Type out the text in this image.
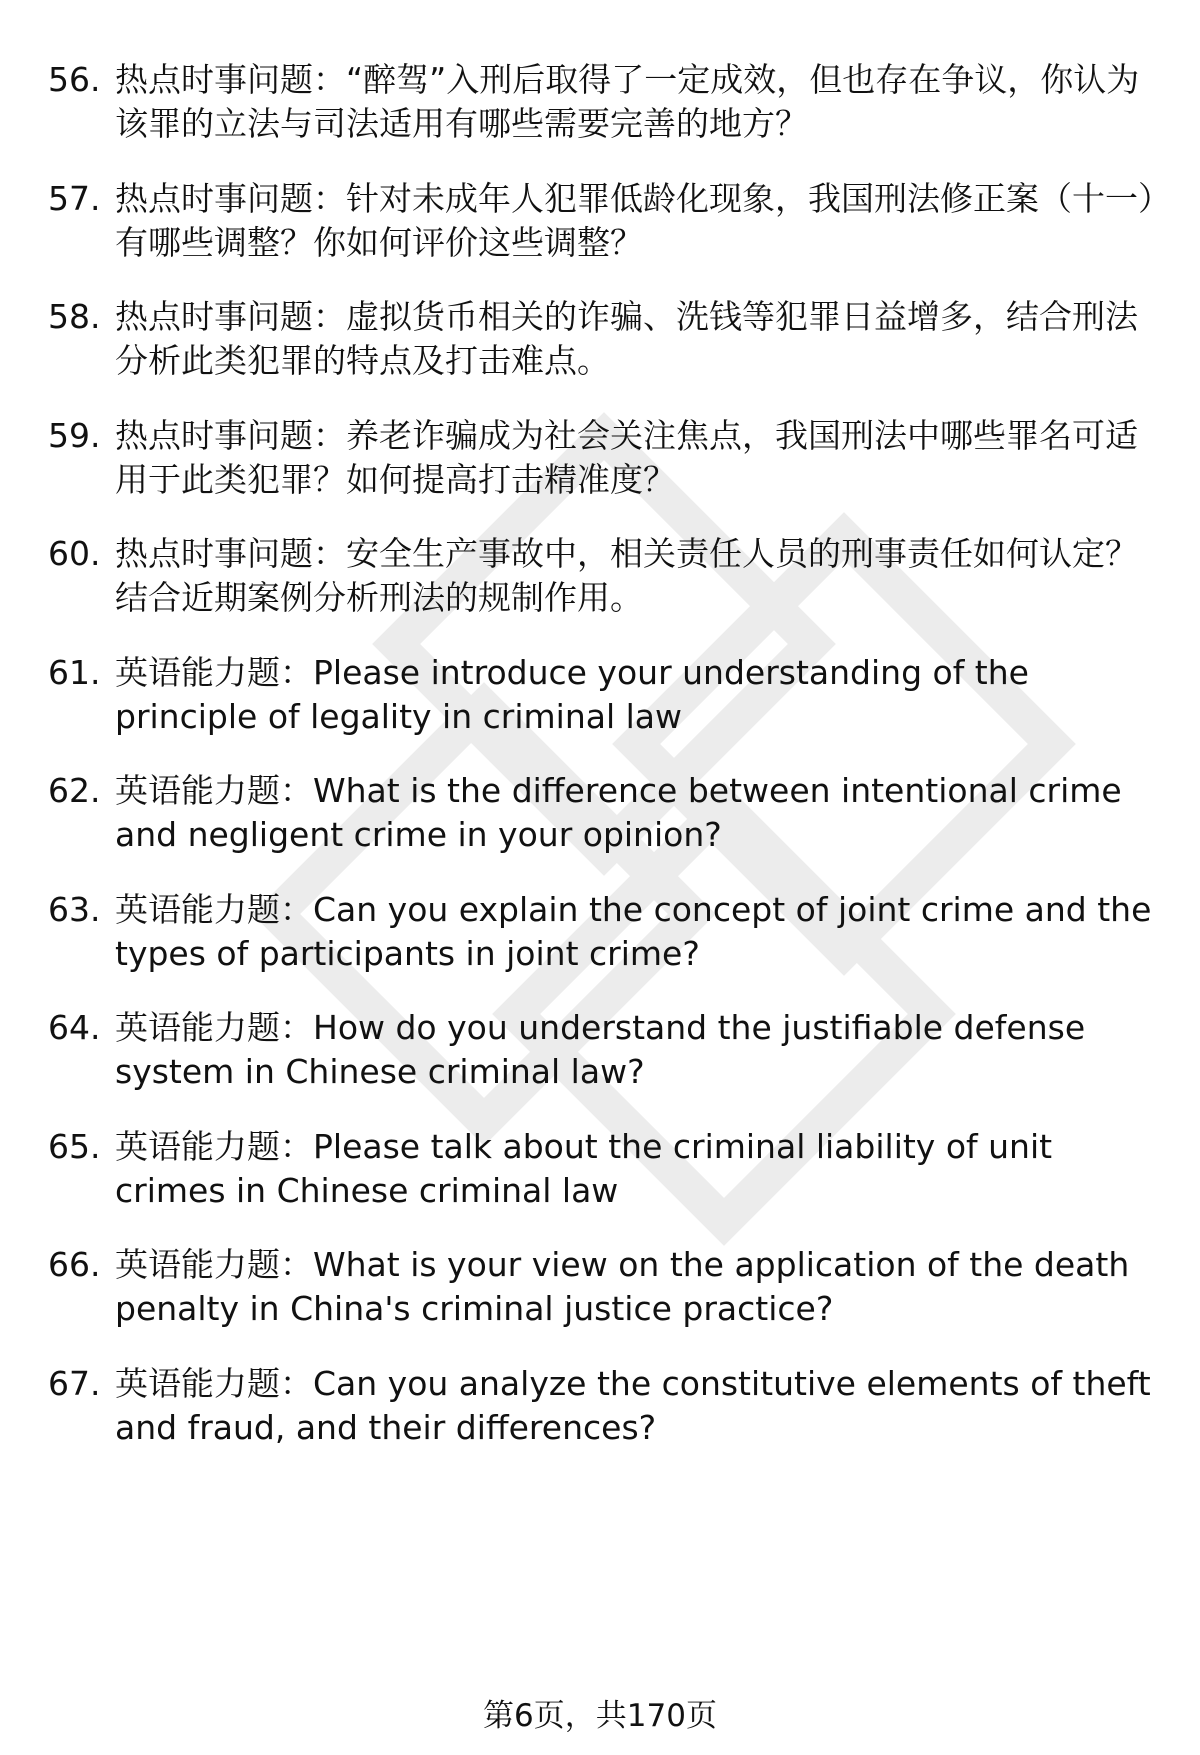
56. 热点时事问题：“醉驾”入刑后取得了一定成效，但也存在争议，你认为该罪的立法与司法适用有哪些需要完善的地方？
57. 热点时事问题：针对未成年人犯罪低龄化现象，我国刑法修正案（十一）有哪些调整？你如何评价这些调整？
58. 热点时事问题：虚拟货币相关的诈骗、洗钱等犯罪日益增多，结合刑法分析此类犯罪的特点及打击难点。
59. 热点时事问题：养老诈骗成为社会关注焦点，我国刑法中哪些罪名可适用于此类犯罪？如何提高打击精准度？
60. 热点时事问题：安全生产事故中，相关责任人员的刑事责任如何认定？结合近期案例分析刑法的规制作用。
61. 英语能力题：Please introduce your understanding of the principle of legality in criminal law
62. 英语能力题：What is the difference between intentional crime and negligent crime in your opinion?
63. 英语能力题：Can you explain the concept of joint crime and the types of participants in joint crime?
64. 英语能力题：How do you understand the justifiable defense system in Chinese criminal law?
65. 英语能力题：Please talk about the criminal liability of unit crimes in Chinese criminal law
66. 英语能力题：What is your view on the application of the death penalty in China's criminal justice practice?
67. 英语能力题：Can you analyze the constitutive elements of theft and fraud, and their differences?
第6页，共170页
